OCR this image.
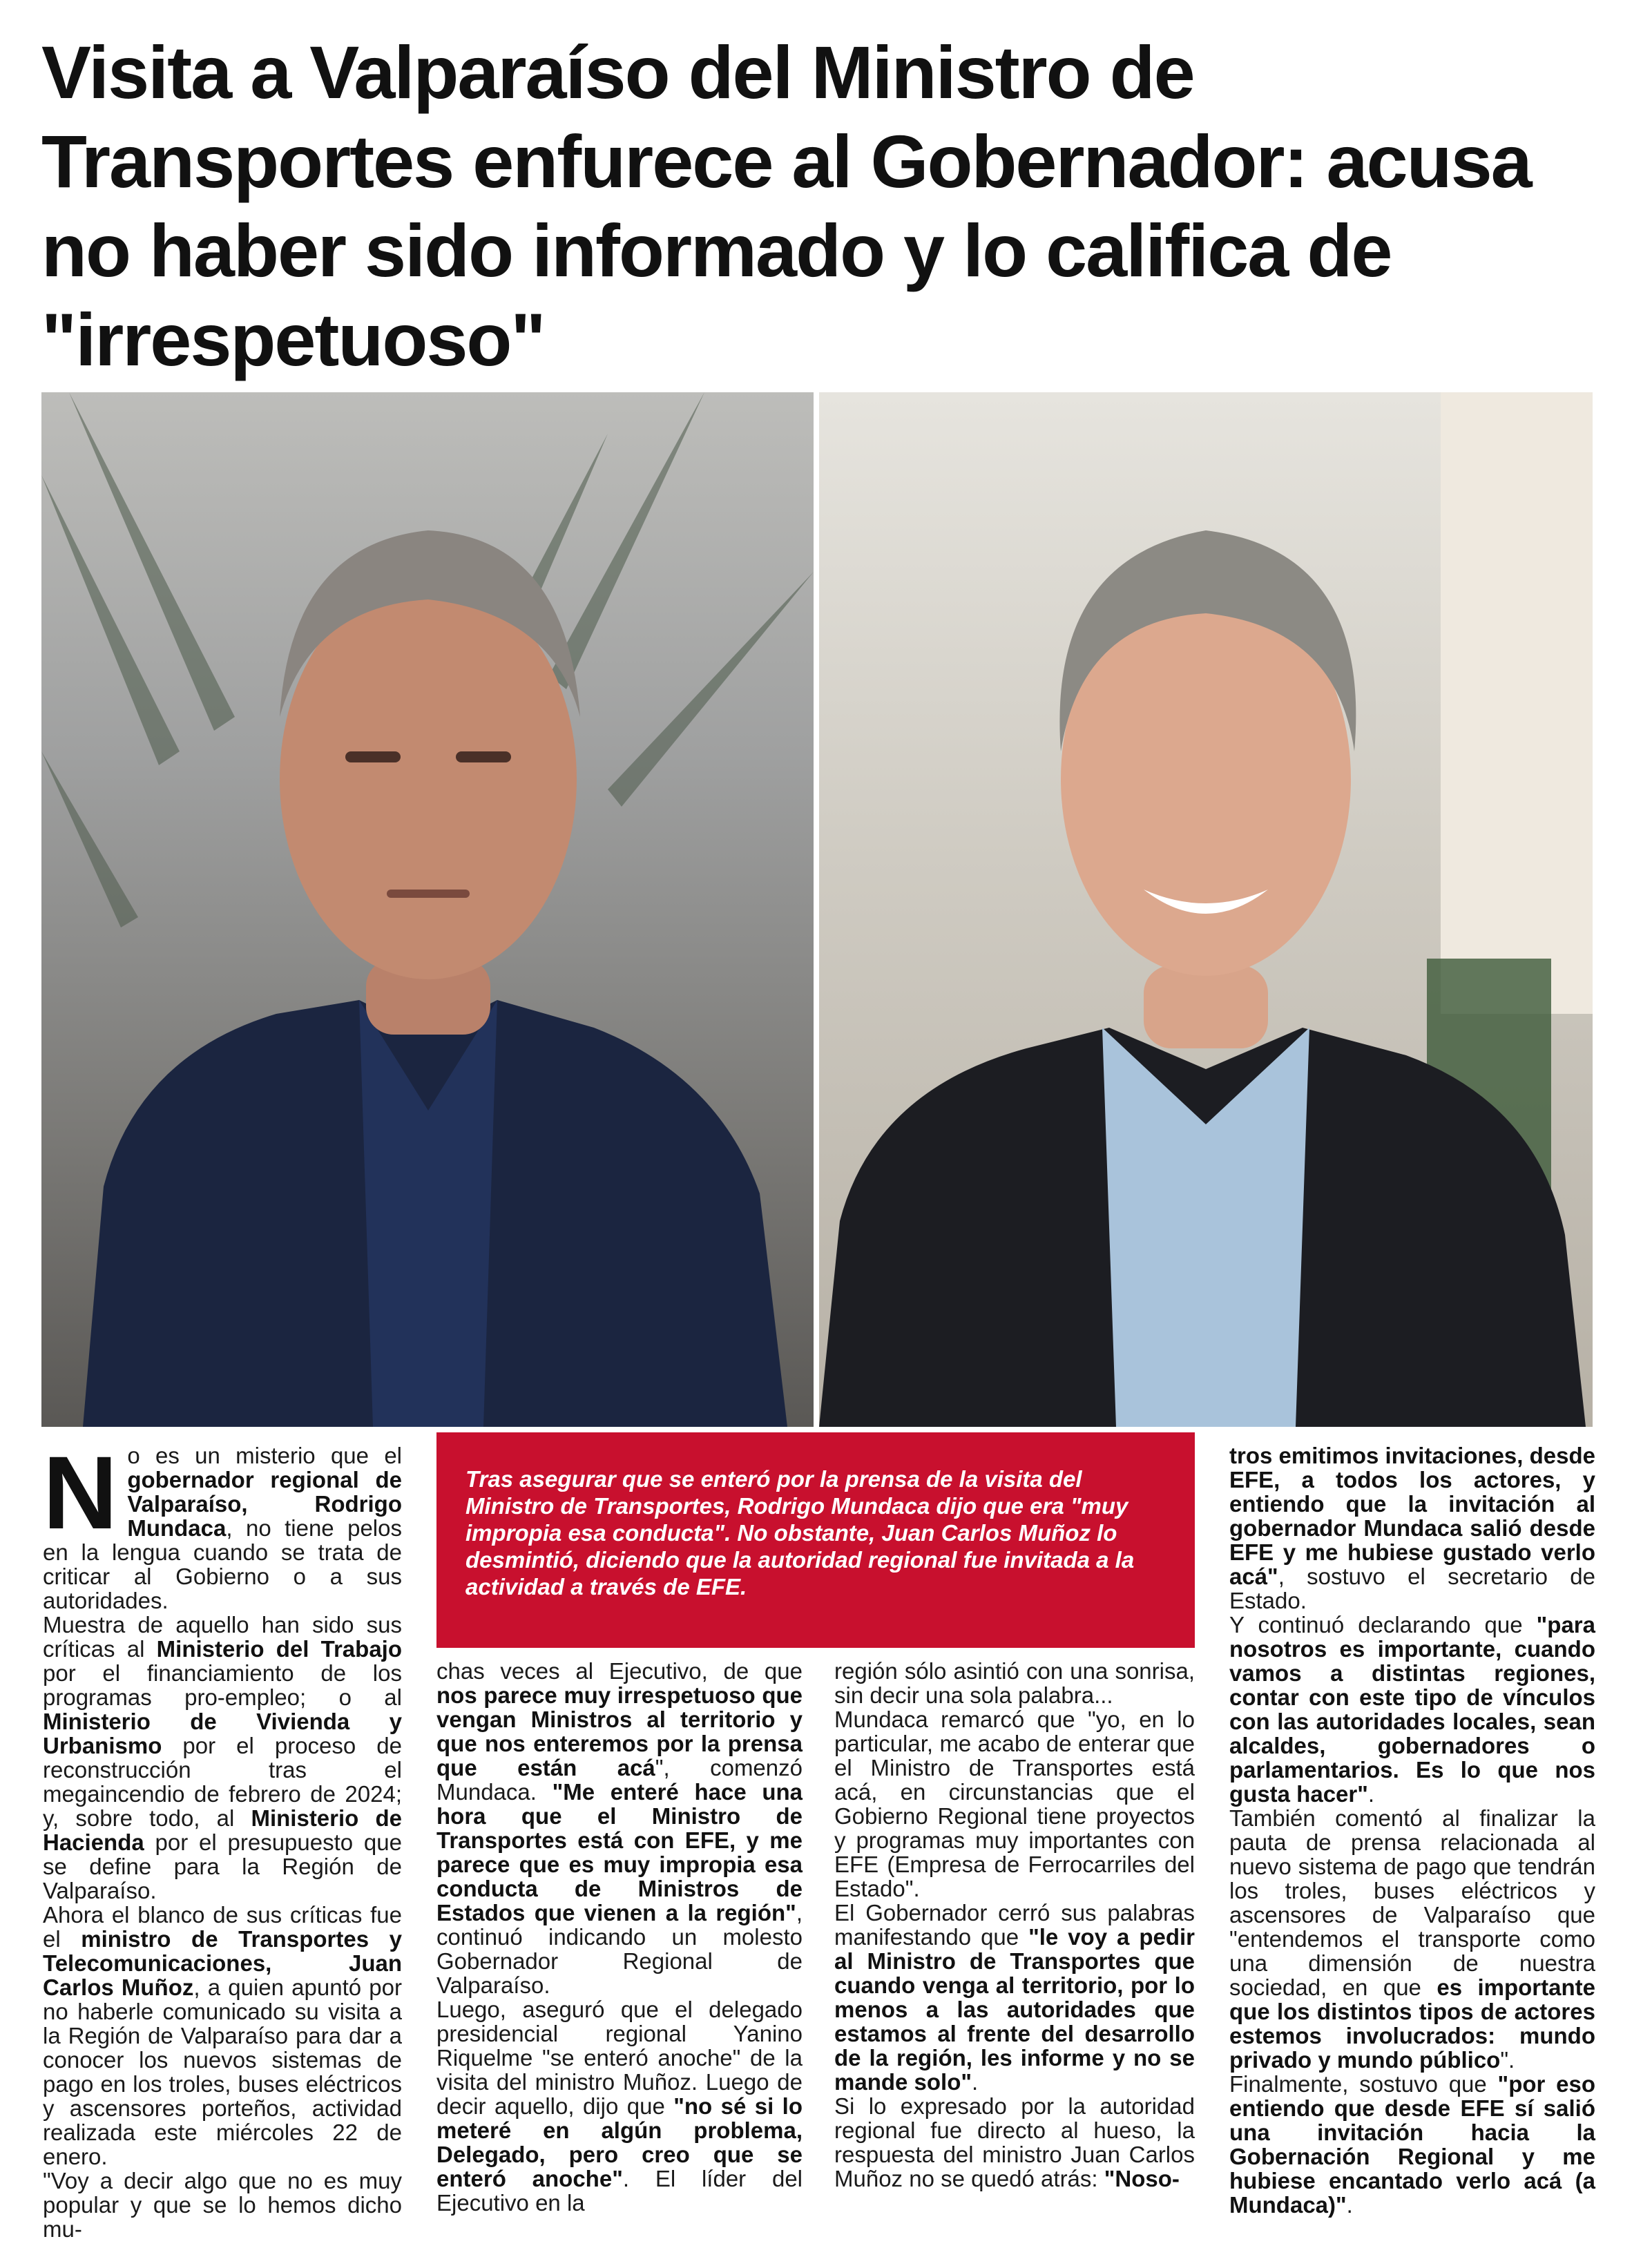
Visita a Valparaíso del Ministro de Transportes enfurece al Gobernador: acusa no haber sido informado y lo califica de "irrespetuoso"

No es un misterio que el gobernador regional de Valparaíso, Rodrigo Mundaca, no tiene pelos en la lengua cuando se trata de criticar al Gobierno o a sus autoridades.

Muestra de aquello han sido sus críticas al Ministerio del Trabajo por el financiamiento de los programas pro-empleo; o al Ministerio de Vivienda y Urbanismo por el proceso de reconstrucción tras el megaincendio de febrero de 2024; y, sobre todo, al Ministerio de Hacienda por el presupuesto que se define para la Región de Valparaíso.

Ahora el blanco de sus críticas fue el ministro de Transportes y Telecomunicaciones, Juan Carlos Muñoz, a quien apuntó por no haberle comunicado su visita a la Región de Valparaíso para dar a conocer los nuevos sistemas de pago en los troles, buses eléctricos y ascensores porteños, actividad realizada este miércoles 22 de enero.

"Voy a decir algo que no es muy popular y que se lo hemos dicho mu-

Tras asegurar que se enteró por la prensa de la visita del Ministro de Transportes, Rodrigo Mundaca dijo que era "muy impropia esa conducta". No obstante, Juan Carlos Muñoz lo desmintió, diciendo que la autoridad regional fue invitada a la actividad a través de EFE.

chas veces al Ejecutivo, de que nos parece muy irrespetuoso que vengan Ministros al territorio y que nos enteremos por la prensa que están acá", comenzó Mundaca. "Me enteré hace una hora que el Ministro de Transportes está con EFE, y me parece que es muy impropia esa conducta de Ministros de Estados que vienen a la región", continuó indicando un molesto Gobernador Regional de Valparaíso.

Luego, aseguró que el delegado presidencial regional Yanino Riquelme "se enteró anoche" de la visita del ministro Muñoz. Luego de decir aquello, dijo que "no sé si lo meteré en algún problema, Delegado, pero creo que se enteró anoche". El líder del Ejecutivo en la

región sólo asintió con una sonrisa, sin decir una sola palabra...

Mundaca remarcó que "yo, en lo particular, me acabo de enterar que el Ministro de Transportes está acá, en circunstancias que el Gobierno Regional tiene proyectos y programas muy importantes con EFE (Empresa de Ferrocarriles del Estado".

El Gobernador cerró sus palabras manifestando que "le voy a pedir al Ministro de Transportes que cuando venga al territorio, por lo menos a las autoridades que estamos al frente del desarrollo de la región, les informe y no se mande solo".

Si lo expresado por la autoridad regional fue directo al hueso, la respuesta del ministro Juan Carlos Muñoz no se quedó atrás: "Noso-

tros emitimos invitaciones, desde EFE, a todos los actores, y entiendo que la invitación al gobernador Mundaca salió desde EFE y me hubiese gustado verlo acá", sostuvo el secretario de Estado.

Y continuó declarando que "para nosotros es importante, cuando vamos a distintas regiones, contar con este tipo de vínculos con las autoridades locales, sean alcaldes, gobernadores o parlamentarios. Es lo que nos gusta hacer".

También comentó al finalizar la pauta de prensa relacionada al nuevo sistema de pago que tendrán los troles, buses eléctricos y ascensores de Valparaíso que "entendemos el transporte como una dimensión de nuestra sociedad, en que es importante que los distintos tipos de actores estemos involucrados: mundo privado y mundo público".

Finalmente, sostuvo que "por eso entiendo que desde EFE sí salió una invitación hacia la Gobernación Regional y me hubiese encantado verlo acá (a Mundaca)".
